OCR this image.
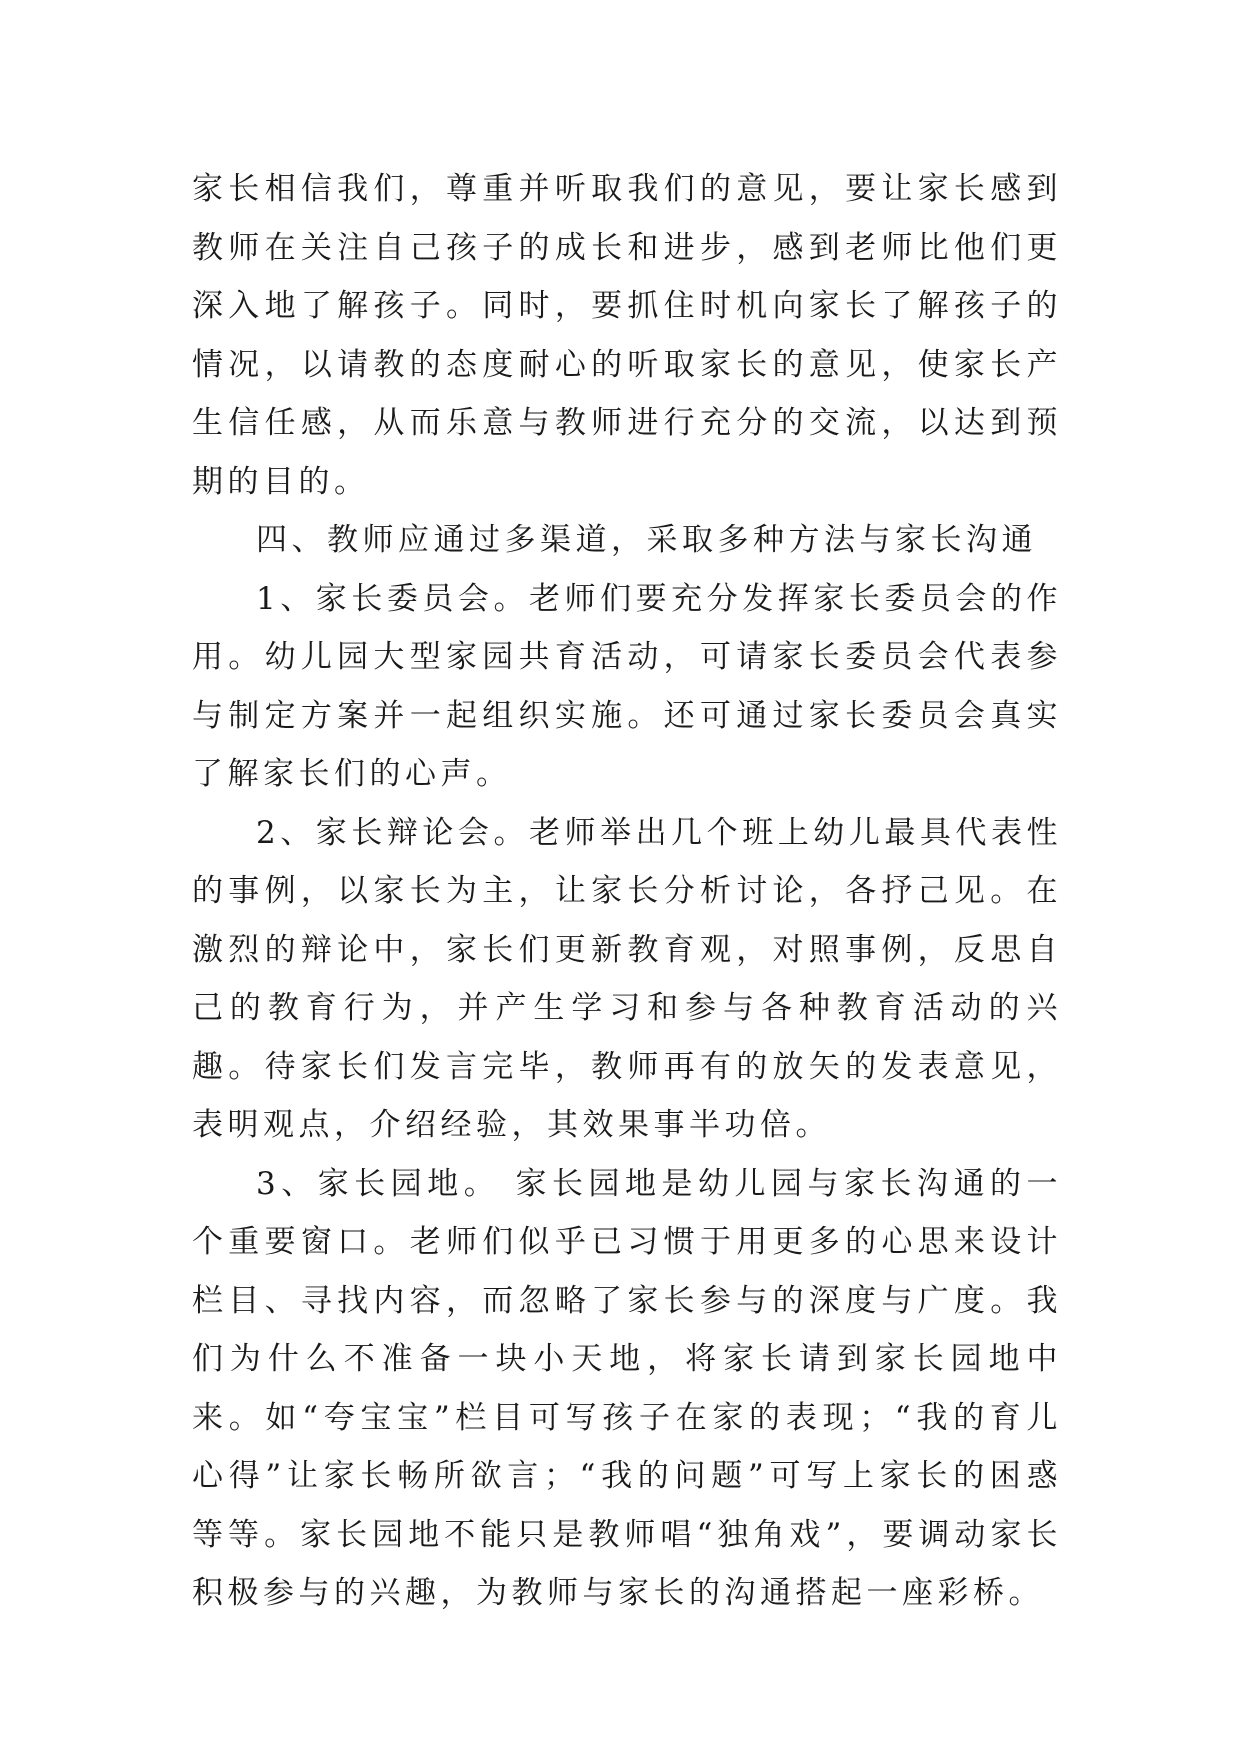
家长相信我们，尊重并听取我们的意见，要让家长感到教师在关注自己孩子的成长和进步，感到老师比他们更深入地了解孩子。同时，要抓住时机向家长了解孩子的情况，以请教的态度耐心的听取家长的意见，使家长产生信任感，从而乐意与教师进行充分的交流，以达到预期的目的。

四、教师应通过多渠道，采取多种方法与家长沟通

1、家长委员会。老师们要充分发挥家长委员会的作用。幼儿园大型家园共育活动，可请家长委员会代表参与制定方案并一起组织实施。还可通过家长委员会真实了解家长们的心声。

2、家长辩论会。老师举出几个班上幼儿最具代表性的事例，以家长为主，让家长分析讨论，各抒己见。在激烈的辩论中，家长们更新教育观，对照事例，反思自己的教育行为，并产生学习和参与各种教育活动的兴趣。待家长们发言完毕，教师再有的放矢的发表意见，表明观点，介绍经验，其效果事半功倍。

3、家长园地。 家长园地是幼儿园与家长沟通的一个重要窗口。老师们似乎已习惯于用更多的心思来设计栏目、寻找内容，而忽略了家长参与的深度与广度。我们为什么不准备一块小天地，将家长请到家长园地中来。如“夸宝宝”栏目可写孩子在家的表现；“我的育儿心得”让家长畅所欲言；“我的问题”可写上家长的困惑等等。家长园地不能只是教师唱“独角戏”，要调动家长积极参与的兴趣，为教师与家长的沟通搭起一座彩桥。
